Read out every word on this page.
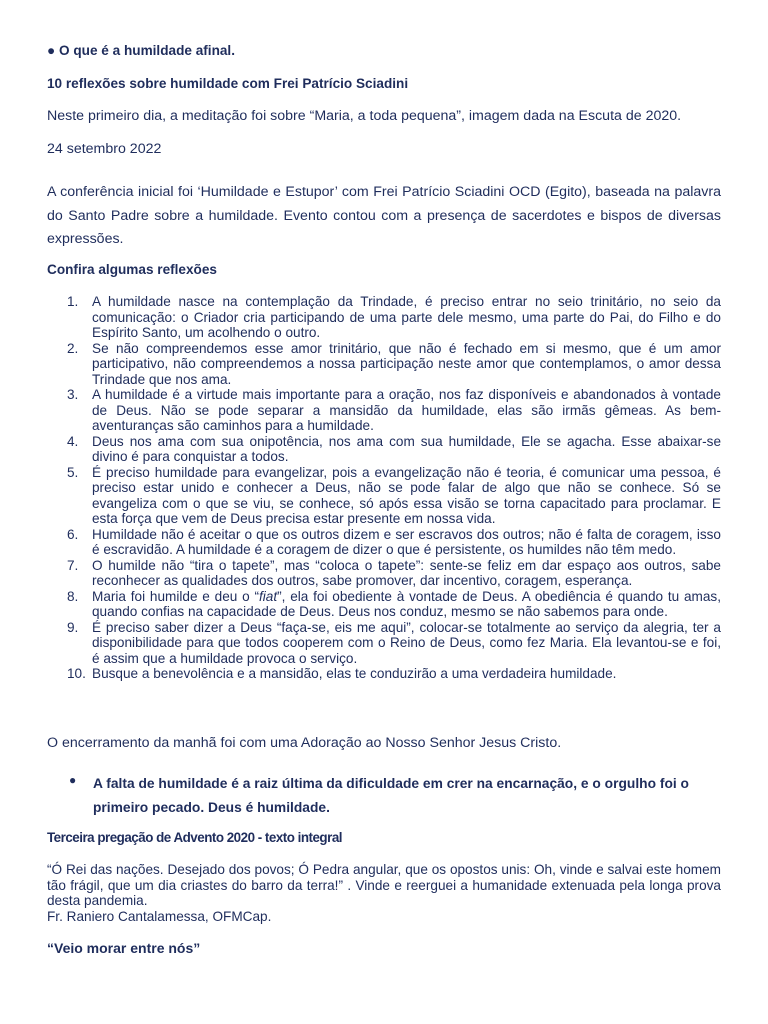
● O que é a humildade afinal.

10 reflexões sobre humildade com Frei Patrício Sciadini

Neste primeiro dia, a meditação foi sobre “Maria, a toda pequena”, imagem dada na Escuta de 2020.

24 setembro 2022

A conferência inicial foi ‘Humildade e Estupor’ com Frei Patrício Sciadini OCD (Egito), baseada na palavra do Santo Padre sobre a humildade. Evento contou com a presença de sacerdotes e bispos de diversas expressões.

Confira algumas reflexões

1. A humildade nasce na contemplação da Trindade, é preciso entrar no seio trinitário, no seio da comunicação: o Criador cria participando de uma parte dele mesmo, uma parte do Pai, do Filho e do Espírito Santo, um acolhendo o outro.
2. Se não compreendemos esse amor trinitário, que não é fechado em si mesmo, que é um amor participativo, não compreendemos a nossa participação neste amor que contemplamos, o amor dessa Trindade que nos ama.
3. A humildade é a virtude mais importante para a oração, nos faz disponíveis e abandonados à vontade de Deus. Não se pode separar a mansidão da humildade, elas são irmãs gêmeas. As bem-aventuranças são caminhos para a humildade.
4. Deus nos ama com sua onipotência, nos ama com sua humildade, Ele se agacha. Esse abaixar-se divino é para conquistar a todos.
5. É preciso humildade para evangelizar, pois a evangelização não é teoria, é comunicar uma pessoa, é preciso estar unido e conhecer a Deus, não se pode falar de algo que não se conhece. Só se evangeliza com o que se viu, se conhece, só após essa visão se torna capacitado para proclamar. E esta força que vem de Deus precisa estar presente em nossa vida.
6. Humildade não é aceitar o que os outros dizem e ser escravos dos outros; não é falta de coragem, isso é escravidão. A humildade é a coragem de dizer o que é persistente, os humildes não têm medo.
7. O humilde não “tira o tapete”, mas “coloca o tapete”: sente-se feliz em dar espaço aos outros, sabe reconhecer as qualidades dos outros, sabe promover, dar incentivo, coragem, esperança.
8. Maria foi humilde e deu o “fiat”, ela foi obediente à vontade de Deus. A obediência é quando tu amas, quando confias na capacidade de Deus. Deus nos conduz, mesmo se não sabemos para onde.
9. É preciso saber dizer a Deus “faça-se, eis me aqui”, colocar-se totalmente ao serviço da alegria, ter a disponibilidade para que todos cooperem com o Reino de Deus, como fez Maria. Ela levantou-se e foi, é assim que a humildade provoca o serviço.
10. Busque a benevolência e a mansidão, elas te conduzirão a uma verdadeira humildade.

O encerramento da manhã foi com uma Adoração ao Nosso Senhor Jesus Cristo.

● A falta de humildade é a raiz última da dificuldade em crer na encarnação, e o orgulho foi o primeiro pecado. Deus é humildade.

Terceira pregação de Advento 2020 - texto integral

“Ó Rei das nações. Desejado dos povos; Ó Pedra angular, que os opostos unis: Oh, vinde e salvai este homem tão frágil, que um dia criastes do barro da terra!” . Vinde e reerguei a humanidade extenuada pela longa prova desta pandemia.

Fr. Raniero Cantalamessa, OFMCap.

“Veio morar entre nós”
